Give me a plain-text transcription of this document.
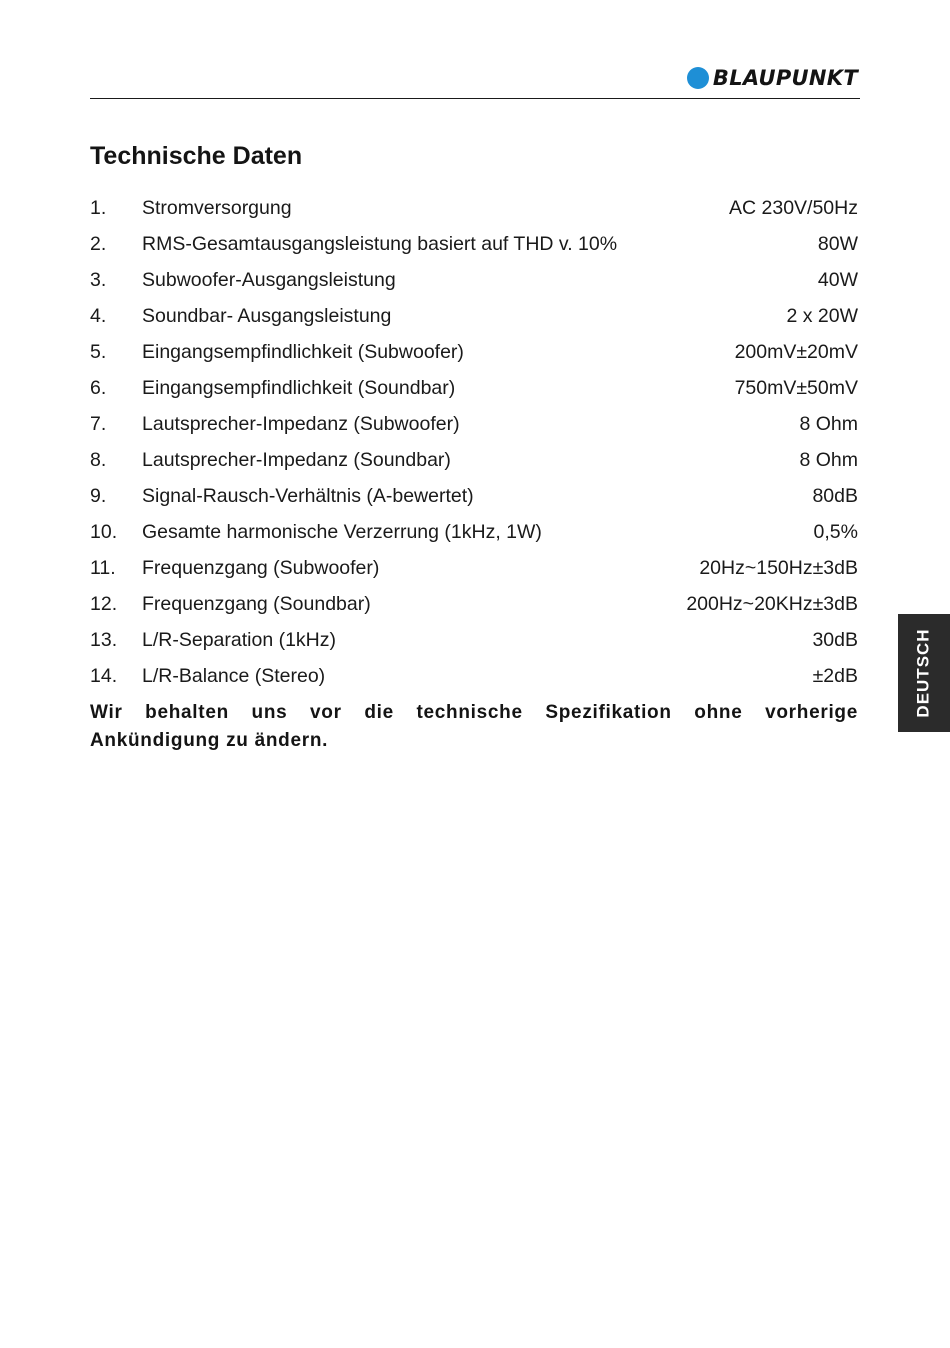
BLAUPUNKT
Technische Daten
1. Stromversorgung	AC 230V/50Hz
2. RMS-Gesamtausgangsleistung basiert auf THD v. 10%	80W
3. Subwoofer-Ausgangsleistung	40W
4. Soundbar- Ausgangsleistung	2 x 20W
5. Eingangsempfindlichkeit (Subwoofer)	200mV±20mV
6. Eingangsempfindlichkeit (Soundbar)	750mV±50mV
7. Lautsprecher-Impedanz (Subwoofer)	8 Ohm
8. Lautsprecher-Impedanz (Soundbar)	8 Ohm
9. Signal-Rausch-Verhältnis (A-bewertet)	80dB
10. Gesamte harmonische Verzerrung (1kHz, 1W)	0,5%
11. Frequenzgang (Subwoofer)	20Hz~150Hz±3dB
12. Frequenzgang (Soundbar)	200Hz~20KHz±3dB
13. L/R-Separation (1kHz)	30dB
14. L/R-Balance (Stereo)	±2dB

Wir behalten uns vor die technische Spezifikation ohne vorherige Ankündigung zu ändern.

DEUTSCH
